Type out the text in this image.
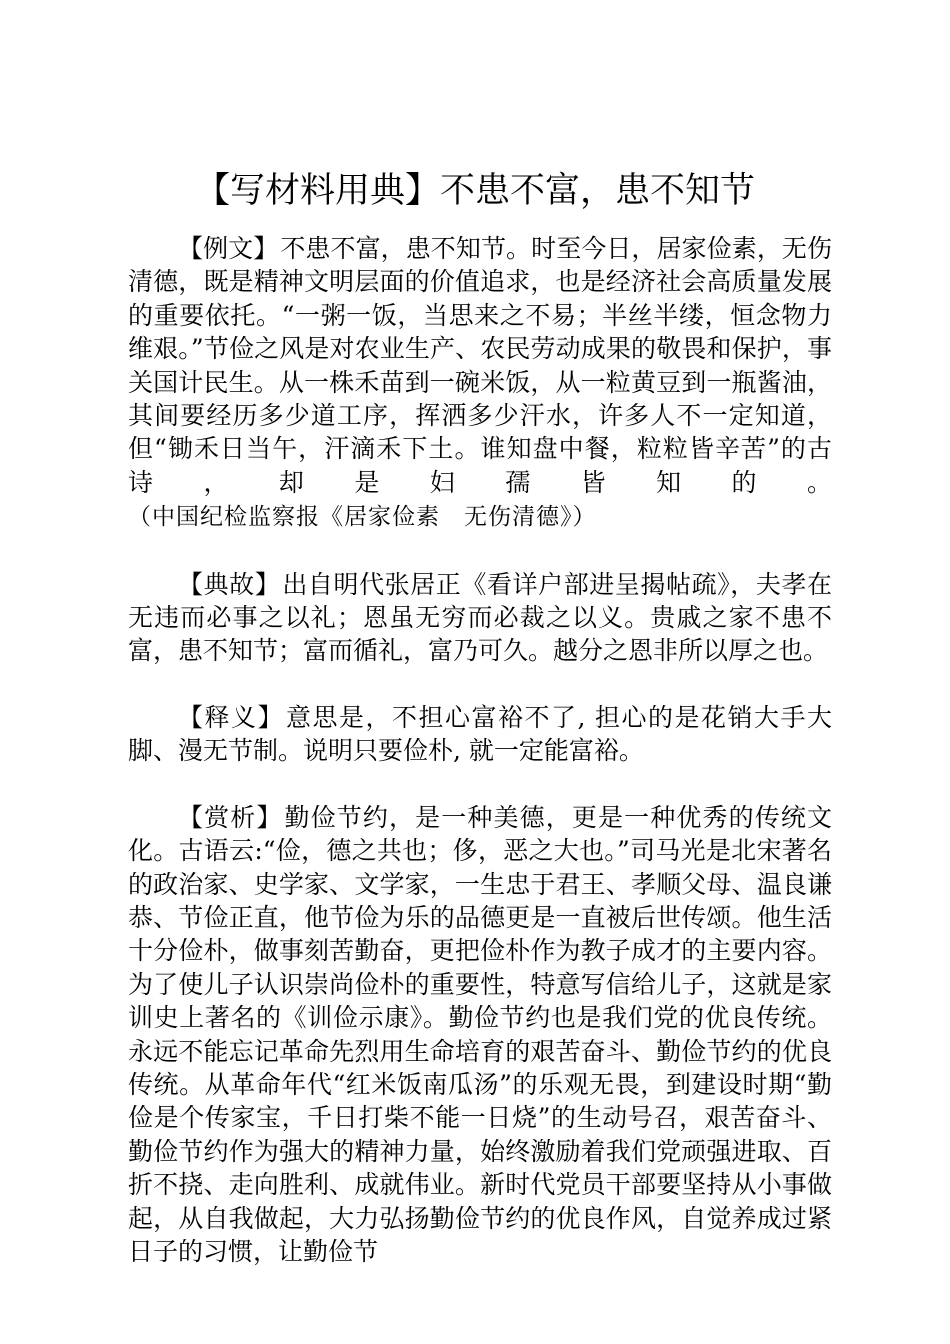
【写材料用典】不患不富，患不知节

【例文】不患不富，患不知节。时至今日，居家俭素，无伤清德，既是精神文明层面的价值追求，也是经济社会高质量发展的重要依托。“一粥一饭，当思来之不易；半丝半缕，恒念物力维艰。”节俭之风是对农业生产、农民劳动成果的敬畏和保护，事关国计民生。从一株禾苗到一碗米饭，从一粒黄豆到一瓶酱油，其间要经历多少道工序，挥洒多少汗水，许多人不一定知道，但“锄禾日当午，汗滴禾下土。谁知盘中餐，粒粒皆辛苦”的古诗，却是妇孺皆知的。（中国纪检监察报《居家俭素　无伤清德》）

【典故】出自明代张居正《看详户部进呈揭帖疏》，夫孝在无违而必事之以礼；恩虽无穷而必裁之以义。贵戚之家不患不富，患不知节；富而循礼，富乃可久。越分之恩非所以厚之也。

【释义】意思是，不担心富裕不了, 担心的是花销大手大脚、漫无节制。说明只要俭朴, 就一定能富裕。

【赏析】勤俭节约，是一种美德，更是一种优秀的传统文化。古语云:“俭，德之共也；侈，恶之大也。”司马光是北宋著名的政治家、史学家、文学家，一生忠于君王、孝顺父母、温良谦恭、节俭正直，他节俭为乐的品德更是一直被后世传颂。他生活十分俭朴，做事刻苦勤奋，更把俭朴作为教子成才的主要内容。为了使儿子认识崇尚俭朴的重要性，特意写信给儿子，这就是家训史上著名的《训俭示康》。勤俭节约也是我们党的优良传统。永远不能忘记革命先烈用生命培育的艰苦奋斗、勤俭节约的优良传统。从革命年代“红米饭南瓜汤”的乐观无畏，到建设时期“勤俭是个传家宝，千日打柴不能一日烧”的生动号召，艰苦奋斗、勤俭节约作为强大的精神力量，始终激励着我们党顽强进取、百折不挠、走向胜利、成就伟业。新时代党员干部要坚持从小事做起，从自我做起，大力弘扬勤俭节约的优良作风，自觉养成过紧日子的习惯，让勤俭节
